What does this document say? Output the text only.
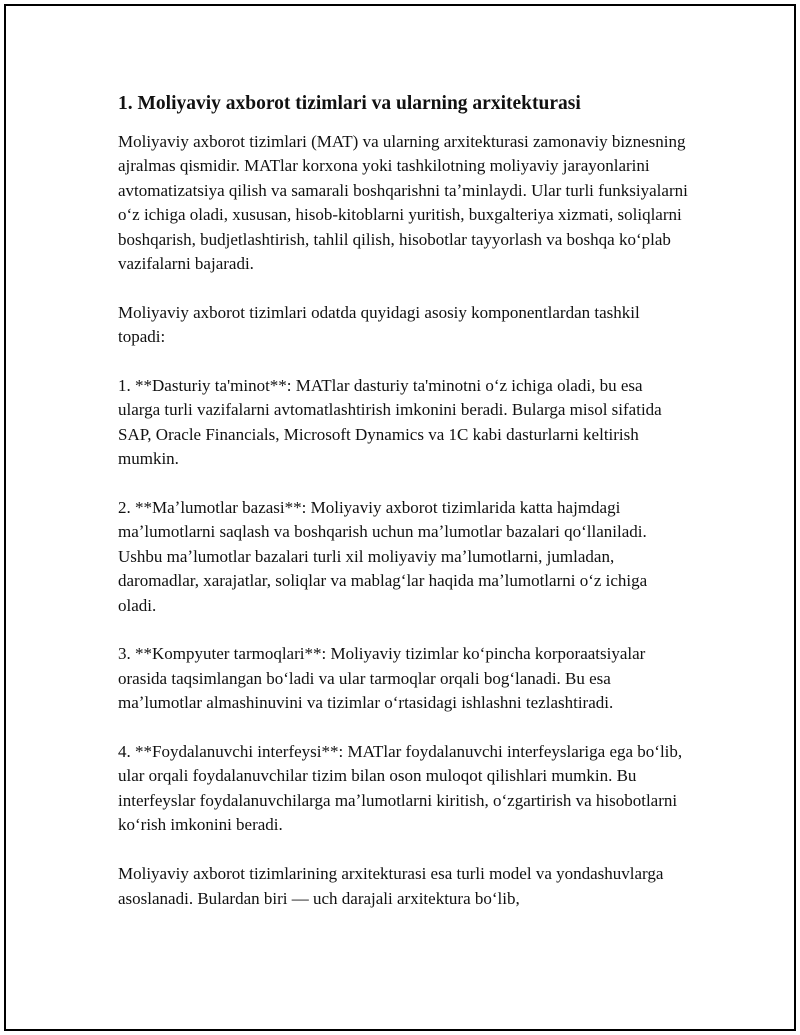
1. Moliyaviy axborot tizimlari va ularning arxitekturasi

Moliyaviy axborot tizimlari (MAT) va ularning arxitekturasi zamonaviy biznesning ajralmas qismidir. MATlar korxona yoki tashkilotning moliyaviy jarayonlarini avtomatizatsiya qilish va samarali boshqarishni taʼminlaydi. Ular turli funksiyalarni oʻz ichiga oladi, xususan, hisob-kitoblarni yuritish, buxgalteriya xizmati, soliqlarni boshqarish, budjetlashtirish, tahlil qilish, hisobotlar tayyorlash va boshqa koʻplab vazifalarni bajaradi.

Moliyaviy axborot tizimlari odatda quyidagi asosiy komponentlardan tashkil topadi:

1. **Dasturiy ta'minot**: MATlar dasturiy ta'minotni oʻz ichiga oladi, bu esa ularga turli vazifalarni avtomatlashtirish imkonini beradi. Bularga misol sifatida SAP, Oracle Financials, Microsoft Dynamics va 1C kabi dasturlarni keltirish mumkin.

2. **Maʼlumotlar bazasi**: Moliyaviy axborot tizimlarida katta hajmdagi maʼlumotlarni saqlash va boshqarish uchun maʼlumotlar bazalari qoʻllaniladi. Ushbu maʼlumotlar bazalari turli xil moliyaviy maʼlumotlarni, jumladan, daromadlar, xarajatlar, soliqlar va mablagʻlar haqida maʼlumotlarni oʻz ichiga oladi.

3. **Kompyuter tarmoqlari**: Moliyaviy tizimlar koʻpincha korporaatsiyalar orasida taqsimlangan boʻladi va ular tarmoqlar orqali bogʻlanadi. Bu esa maʼlumotlar almashinuvini va tizimlar oʻrtasidagi ishlashni tezlashtiradi.

4. **Foydalanuvchi interfeysi**: MATlar foydalanuvchi interfeyslariga ega boʻlib, ular orqali foydalanuvchilar tizim bilan oson muloqot qilishlari mumkin. Bu interfeyslar foydalanuvchilarga maʼlumotlarni kiritish, oʻzgartirish va hisobotlarni koʻrish imkonini beradi.

Moliyaviy axborot tizimlarining arxitekturasi esa turli model va yondashuvlarga asoslanadi. Bulardan biri — uch darajali arxitektura boʻlib,
